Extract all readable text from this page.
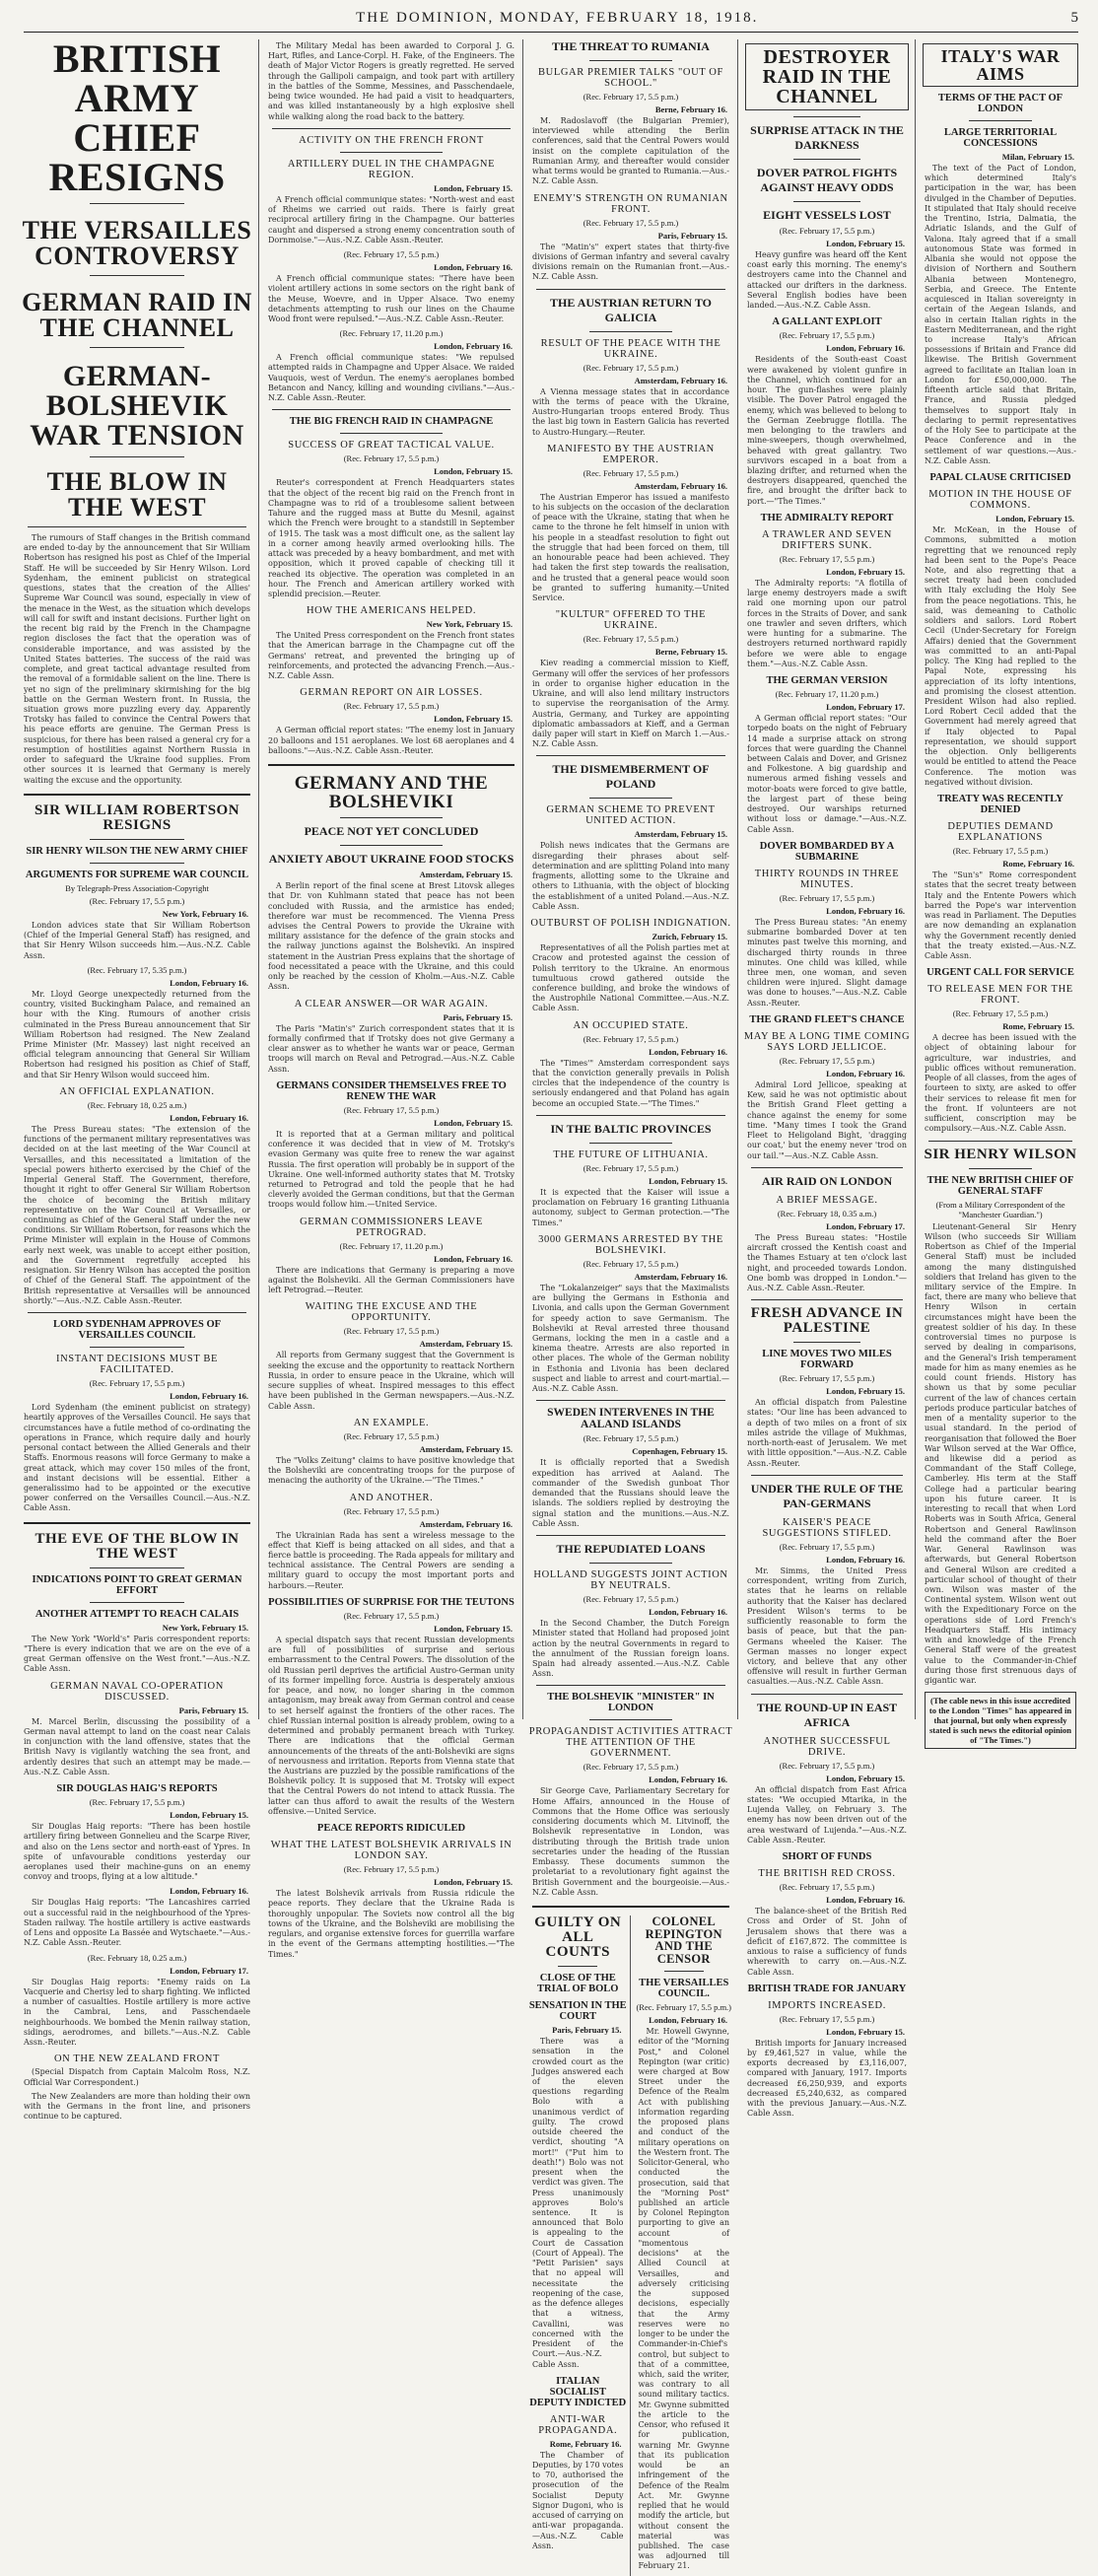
THE DOMINION, MONDAY, FEBRUARY 18, 1918.	5
BRITISH ARMY CHIEF RESIGNS
THE VERSAILLES CONTROVERSY
GERMAN RAID IN THE CHANNEL
GERMAN-BOLSHEVIK WAR TENSION
THE BLOW IN THE WEST

The rumours of Staff changes in the British command are ended to-day by the announcement that Sir William Robertson has resigned his post as Chief of the Imperial Staff. He will be succeeded by Sir Henry Wilson. Lord Sydenham, the eminent publicist on strategical questions, states that the creation of the Allies' Supreme War Council was sound, especially in view of the menace in the West, as the situation which develops will call for swift and instant decisions. Further light on the recent big raid by the French in the Champagne region discloses the fact that the operation was of considerable importance, and was assisted by the United States batteries. The success of the raid was complete, and great tactical advantage resulted from the removal of a formidable salient on the line. There is yet no sign of the preliminary skirmishing for the big battle on the German Western front. In Russia, the situation grows more puzzling every day. Apparently Trotsky has failed to convince the Central Powers that his peace efforts are genuine. The German Press is suspicious, for there has been raised a general cry for a resumption of hostilities against Northern Russia in order to safeguard the Ukraine food supplies. From other sources it is learned that Germany is merely waiting the excuse and the opportunity.

SIR WILLIAM ROBERTSON RESIGNS
SIR HENRY WILSON THE NEW ARMY CHIEF
ARGUMENTS FOR SUPREME WAR COUNCIL
By Telegraph-Press Association-Copyright
(Rec. February 17, 5.5 p.m.)
New York, February 16.

London advices state that Sir William Robertson (Chief of the Imperial General Staff) has resigned, and that Sir Henry Wilson succeeds him.—Aus.-N.Z. Cable Assn.

(Rec. February 17, 5.35 p.m.)
London, February 16.

Mr. Lloyd George unexpectedly returned from the country, visited Buckingham Palace, and remained an hour with the King. Rumours of another crisis culminated in the Press Bureau announcement that Sir William Robertson had resigned. The New Zealand Prime Minister (Mr. Massey) last night received an official telegram announcing that General Sir William Robertson had resigned his position as Chief of Staff, and that Sir Henry Wilson would succeed him.

AN OFFICIAL EXPLANATION.
(Rec. February 18, 0.25 a.m.)
London, February 16.

The Press Bureau states: "The extension of the functions of the permanent military representatives was decided on at the last meeting of the War Council at Versailles, and this necessitated a limitation of the special powers hitherto exercised by the Chief of the Imperial General Staff. The Government, therefore, thought it right to offer General Sir William Robertson the choice of becoming the British military representative on the War Council at Versailles, or continuing as Chief of the General Staff under the new conditions. Sir William Robertson, for reasons which the Prime Minister will explain in the House of Commons early next week, was unable to accept either position, and the Government regretfully accepted his resignation. Sir Henry Wilson has accepted the position of Chief of the General Staff. The appointment of the British representative at Versailles will be announced shortly."—Aus.-N.Z. Cable Assn.-Reuter.

LORD SYDENHAM APPROVES OF VERSAILLES COUNCIL
INSTANT DECISIONS MUST BE FACILITATED.
(Rec. February 17, 5.5 p.m.)
London, February 16.

Lord Sydenham (the eminent publicist on strategy) heartily approves of the Versailles Council. He says that circumstances have a futile method of co-ordinating the operations in France, which require daily and hourly personal contact between the Allied Generals and their Staffs. Enormous reasons will force Germany to make a great attack, which may cover 150 miles of the front, and instant decisions will be essential. Either a generalissimo had to be appointed or the executive power conferred on the Versailles Council.—Aus.-N.Z. Cable Assn.

THE EVE OF THE BLOW IN THE WEST
INDICATIONS POINT TO GREAT GERMAN EFFORT
ANOTHER ATTEMPT TO REACH CALAIS
New York, February 15.

The New York "World's" Paris correspondent reports: "There is every indication that we are on the eve of a great German offensive on the West front."—Aus.-N.Z. Cable Assn.

GERMAN NAVAL CO-OPERATION DISCUSSED.
Paris, February 15.

M. Marcel Berlin, discussing the possibility of a German naval attempt to land on the coast near Calais in conjunction with the land offensive, states that the British Navy is vigilantly watching the sea front, and ardently desires that such an attempt may be made.—Aus.-N.Z. Cable Assn.

SIR DOUGLAS HAIG'S REPORTS
(Rec. February 17, 5.5 p.m.)
London, February 15.

Sir Douglas Haig reports: "There has been hostile artillery firing between Gonnelieu and the Scarpe River, and also on the Lens sector and north-east of Ypres. In spite of unfavourable conditions yesterday our aeroplanes used their machine-guns on an enemy convoy and troops, flying at a low altitude."

London, February 16.

Sir Douglas Haig reports: "The Lancashires carried out a successful raid in the neighbourhood of the Ypres-Staden railway. The hostile artillery is active eastwards of Lens and opposite La Bassée and Wytschaete."—Aus.-N.Z. Cable Assn.-Reuter.

(Rec. February 18, 0.25 a.m.)
London, February 17.

Sir Douglas Haig reports: "Enemy raids on La Vacquerie and Cherisy led to sharp fighting. We inflicted a number of casualties. Hostile artillery is more active in the Cambrai, Lens, and Passchendaele neighbourhoods. We bombed the Menin railway station, sidings, aerodromes, and billets."—Aus.-N.Z. Cable Assn.-Reuter.

ON THE NEW ZEALAND FRONT

(Special Dispatch from Captain Malcolm Ross, N.Z. Official War Correspondent.)

The New Zealanders are more than holding their own with the Germans in the front line, and prisoners continue to be captured.

The Military Medal has been awarded to Corporal J. G. Hart, Rifles, and Lance-Corpl. H. Fake, of the Engineers. The death of Major Victor Rogers is greatly regretted. He served through the Gallipoli campaign, and took part with artillery in the battles of the Somme, Messines, and Passchendaele, being twice wounded. He had paid a visit to headquarters, and was killed instantaneously by a high explosive shell while walking along the road back to the battery.

ACTIVITY ON THE FRENCH FRONT
ARTILLERY DUEL IN THE CHAMPAGNE REGION.
London, February 15.

A French official communique states: "North-west and east of Rheims we carried out raids. There is fairly great reciprocal artillery firing in the Champagne. Our batteries caught and dispersed a strong enemy concentration south of Dornmoise."—Aus.-N.Z. Cable Assn.-Reuter.

(Rec. February 17, 5.5 p.m.)
London, February 16.

A French official communique states: "There have been violent artillery actions in some sectors on the right bank of the Meuse, Woevre, and in Upper Alsace. Two enemy detachments attempting to rush our lines on the Chaume Wood front were repulsed."—Aus.-N.Z. Cable Assn.-Reuter.

(Rec. February 17, 11.20 p.m.)
London, February 16.

A French official communique states: "We repulsed attempted raids in Champagne and Upper Alsace. We raided Vauquois, west of Verdun. The enemy's aeroplanes bombed Betancon and Nancy, killing and wounding civilians."—Aus.-N.Z. Cable Assn.-Reuter.

THE BIG FRENCH RAID IN CHAMPAGNE
SUCCESS OF GREAT TACTICAL VALUE.
(Rec. February 17, 5.5 p.m.)
London, February 15.

Reuter's correspondent at French Headquarters states that the object of the recent big raid on the French front in Champagne was to rid of a troublesome salient between Tahure and the rugged mass at Butte du Mesnil, against which the French were brought to a standstill in September of 1915. The task was a most difficult one, as the salient lay in a corner among heavily armed overlooking hills. The attack was preceded by a heavy bombardment, and met with opposition, which it proved capable of checking till it reached its objective. The operation was completed in an hour. The French and American artillery worked with splendid precision.—Reuter.

HOW THE AMERICANS HELPED.
New York, February 15.

The United Press correspondent on the French front states that the American barrage in the Champagne cut off the Germans' retreat, and prevented the bringing up of reinforcements, and protected the advancing French.—Aus.-N.Z. Cable Assn.

GERMAN REPORT ON AIR LOSSES.
(Rec. February 17, 5.5 p.m.)
London, February 15.

A German official report states: "The enemy lost in January 20 balloons and 151 aeroplanes. We lost 68 aeroplanes and 4 balloons."—Aus.-N.Z. Cable Assn.-Reuter.

GERMANY AND THE BOLSHEVIKI
PEACE NOT YET CONCLUDED
ANXIETY ABOUT UKRAINE FOOD STOCKS
Amsterdam, February 15.

A Berlin report of the final scene at Brest Litovsk alleges that Dr. von Kuhlmann stated that peace has not been concluded with Russia, and the armistice has ended; therefore war must be recommenced. The Vienna Press advises the Central Powers to provide the Ukraine with military assistance for the defence of the grain stocks and the railway junctions against the Bolsheviki. An inspired statement in the Austrian Press explains that the shortage of food necessitated a peace with the Ukraine, and this could only be reached by the cession of Kholm.—Aus.-N.Z. Cable Assn.

A CLEAR ANSWER—OR WAR AGAIN.
Paris, February 15.

The Paris "Matin's" Zurich correspondent states that it is formally confirmed that if Trotsky does not give Germany a clear answer as to whether he wants war or peace, German troops will march on Reval and Petrograd.—Aus.-N.Z. Cable Assn.

GERMANS CONSIDER THEMSELVES FREE TO RENEW THE WAR
(Rec. February 17, 5.5 p.m.)
London, February 15.

It is reported that at a German military and political conference it was decided that in view of M. Trotsky's evasion Germany was quite free to renew the war against Russia. The first operation will probably be in support of the Ukraine. One well-informed authority states that M. Trotsky returned to Petrograd and told the people that he had cleverly avoided the German conditions, but that the German troops would follow him.—United Service.

GERMAN COMMISSIONERS LEAVE PETROGRAD.
(Rec. February 17, 11.20 p.m.)
London, February 16.

There are indications that Germany is preparing a move against the Bolsheviki. All the German Commissioners have left Petrograd.—Reuter.

WAITING THE EXCUSE AND THE OPPORTUNITY.
(Rec. February 17, 5.5 p.m.)
Amsterdam, February 15.

All reports from Germany suggest that the Government is seeking the excuse and the opportunity to reattack Northern Russia, in order to ensure peace in the Ukraine, which will secure supplies of wheat. Inspired messages to this effect have been published in the German newspapers.—Aus.-N.Z. Cable Assn.

AN EXAMPLE.
(Rec. February 17, 5.5 p.m.)
Amsterdam, February 15.

The "Volks Zeitung" claims to have positive knowledge that the Bolsheviki are concentrating troops for the purpose of menacing the authority of the Ukraine.—"The Times."

AND ANOTHER.
(Rec. February 17, 5.5 p.m.)
Amsterdam, February 16.

The Ukrainian Rada has sent a wireless message to the effect that Kieff is being attacked on all sides, and that a fierce battle is proceeding. The Rada appeals for military and technical assistance. The Central Powers are sending a military guard to occupy the most important ports and harbours.—Reuter.

POSSIBILITIES OF SURPRISE FOR THE TEUTONS
(Rec. February 17, 5.5 p.m.)
London, February 15.

A special dispatch says that recent Russian developments are full of possibilities of surprise and serious embarrassment to the Central Powers. The dissolution of the old Russian peril deprives the artificial Austro-German unity of its former impelling force. Austria is desperately anxious for peace, and now, no longer sharing in the common antagonism, may break away from German control and cease to set herself against the frontiers of the other races. The chief Russian internal position is already problem, owing to a determined and probably permanent breach with Turkey. There are indications that the official German announcements of the threats of the anti-Bolsheviki are signs of nervousness and irritation. Reports from Vienna state that the Austrians are puzzled by the possible ramifications of the Bolshevik policy. It is supposed that M. Trotsky will expect that the Central Powers do not intend to attack Russia. The latter can thus afford to await the results of the Western offensive.—United Service.

PEACE REPORTS RIDICULED
WHAT THE LATEST BOLSHEVIK ARRIVALS IN LONDON SAY.
(Rec. February 17, 5.5 p.m.)
London, February 15.

The latest Bolshevik arrivals from Russia ridicule the peace reports. They declare that the Ukraine Rada is thoroughly unpopular. The Soviets now control all the big towns of the Ukraine, and the Bolsheviki are mobilising the regulars, and organise extensive forces for guerrilla warfare in the event of the Germans attempting hostilities.—"The Times."

THE THREAT TO RUMANIA
BULGAR PREMIER TALKS "OUT OF SCHOOL."
(Rec. February 17, 5.5 p.m.)
Berne, February 16.

M. Radoslavoff (the Bulgarian Premier), interviewed while attending the Berlin conferences, said that the Central Powers would insist on the complete capitulation of the Rumanian Army, and thereafter would consider what terms would be granted to Rumania.—Aus.-N.Z. Cable Assn.

ENEMY'S STRENGTH ON RUMANIAN FRONT.
(Rec. February 17, 5.5 p.m.)
Paris, February 15.

The "Matin's" expert states that thirty-five divisions of German infantry and several cavalry divisions remain on the Rumanian front.—Aus.-N.Z. Cable Assn.

THE AUSTRIAN RETURN TO GALICIA
RESULT OF THE PEACE WITH THE UKRAINE.
(Rec. February 17, 5.5 p.m.)
Amsterdam, February 16.

A Vienna message states that in accordance with the terms of peace with the Ukraine, Austro-Hungarian troops entered Brody. Thus the last big town in Eastern Galicia has reverted to Austro-Hungary.—Reuter.

MANIFESTO BY THE AUSTRIAN EMPEROR.
(Rec. February 17, 5.5 p.m.)
Amsterdam, February 16.

The Austrian Emperor has issued a manifesto to his subjects on the occasion of the declaration of peace with the Ukraine, stating that when he came to the throne he felt himself in union with his people in a steadfast resolution to fight out the struggle that had been forced on them, till an honourable peace had been achieved. They had taken the first step towards the realisation, and he trusted that a general peace would soon be granted to suffering humanity.—United Service.

"KULTUR" OFFERED TO THE UKRAINE.
(Rec. February 17, 5.5 p.m.)
Berne, February 15.

Kiev reading a commercial mission to Kieff, Germany will offer the services of her professors in order to organise higher education in the Ukraine, and will also lend military instructors to supervise the reorganisation of the Army. Austria, Germany, and Turkey are appointing diplomatic ambassadors at Kieff, and a German daily paper will start in Kieff on March 1.—Aus.-N.Z. Cable Assn.

THE DISMEMBERMENT OF POLAND
GERMAN SCHEME TO PREVENT UNITED ACTION.
Amsterdam, February 15.

Polish news indicates that the Germans are disregarding their phrases about self-determination and are splitting Poland into many fragments, allotting some to the Ukraine and others to Lithuania, with the object of blocking the establishment of a united Poland.—Aus.-N.Z. Cable Assn.

OUTBURST OF POLISH INDIGNATION.
Zurich, February 15.

Representatives of all the Polish parties met at Cracow and protested against the cession of Polish territory to the Ukraine. An enormous tumultuous crowd gathered outside the conference building, and broke the windows of the Austrophile National Committee.—Aus.-N.Z. Cable Assn.

AN OCCUPIED STATE.
(Rec. February 17, 5.5 p.m.)
London, February 16.

The "Times'" Amsterdam correspondent says that the conviction generally prevails in Polish circles that the independence of the country is seriously endangered and that Poland has again become an occupied State.—"The Times."

IN THE BALTIC PROVINCES
THE FUTURE OF LITHUANIA.
(Rec. February 17, 5.5 p.m.)
London, February 15.

It is expected that the Kaiser will issue a proclamation on February 16 granting Lithuania autonomy, subject to German protection.—"The Times."

3000 GERMANS ARRESTED BY THE BOLSHEVIKI.
(Rec. February 17, 5.5 p.m.)
Amsterdam, February 16.

The "Lokalanzeiger" says that the Maximalists are bullying the Germans in Esthonia and Livonia, and calls upon the German Government for speedy action to save Germanism. The Bolsheviki at Reval arrested three thousand Germans, locking the men in a castle and a kinema theatre. Arrests are also reported in other places. The whole of the German nobility in Esthonia and Livonia has been declared suspect and liable to arrest and court-martial.—Aus.-N.Z. Cable Assn.

SWEDEN INTERVENES IN THE AALAND ISLANDS
(Rec. February 17, 5.5 p.m.)
Copenhagen, February 15.

It is officially reported that a Swedish expedition has arrived at Aaland. The commander of the Swedish gunboat Thor demanded that the Russians should leave the islands. The soldiers replied by destroying the signal station and the munitions.—Aus.-N.Z. Cable Assn.

THE REPUDIATED LOANS
HOLLAND SUGGESTS JOINT ACTION BY NEUTRALS.
(Rec. February 17, 5.5 p.m.)
London, February 16.

In the Second Chamber, the Dutch Foreign Minister stated that Holland had proposed joint action by the neutral Governments in regard to the annulment of the Russian foreign loans. Spain had already assented.—Aus.-N.Z. Cable Assn.

THE BOLSHEVIK "MINISTER" IN LONDON
PROPAGANDIST ACTIVITIES ATTRACT THE ATTENTION OF THE GOVERNMENT.
(Rec. February 17, 5.5 p.m.)
London, February 16.

Sir George Cave, Parliamentary Secretary for Home Affairs, announced in the House of Commons that the Home Office was seriously considering documents which M. Litvinoff, the Bolshevik representative in London, was distributing through the British trade union secretaries under the heading of the Russian Embassy. These documents summon the proletariat to a revolutionary fight against the British Government and the bourgeoisie.—Aus.-N.Z. Cable Assn.

GUILTY ON ALL COUNTS
CLOSE OF THE TRIAL OF BOLO
SENSATION IN THE COURT
Paris, February 15.

There was a sensation in the crowded court as the Judges answered each of the eleven questions regarding Bolo with a unanimous verdict of guilty. The crowd outside cheered the verdict, shouting "A mort!" ("Put him to death!") Bolo was not present when the verdict was given. The Press unanimously approves Bolo's sentence. It is announced that Bolo is appealing to the Court de Cassation (Court of Appeal). The "Petit Parisien" says that no appeal will necessitate the reopening of the case, as the defence alleges that a witness, Cavallini, was concerned with the President of the Court.—Aus.-N.Z. Cable Assn.

ITALIAN SOCIALIST DEPUTY INDICTED
ANTI-WAR PROPAGANDA.
Rome, February 16.

The Chamber of Deputies, by 170 votes to 70, authorised the prosecution of the Socialist Deputy Signor Dugoni, who is accused of carrying on anti-war propaganda.—Aus.-N.Z. Cable Assn.

COLONEL REPINGTON AND THE CENSOR
THE VERSAILLES COUNCIL.
(Rec. February 17, 5.5 p.m.)
London, February 16.

Mr. Howell Gwynne, editor of the "Morning Post," and Colonel Repington (war critic) were charged at Bow Street under the Defence of the Realm Act with publishing information regarding the proposed plans and conduct of the military operations on the Western front. The Solicitor-General, who conducted the prosecution, said that the "Morning Post" published an article by Colonel Repington purporting to give an account of "momentous decisions" at the Allied Council at Versailles, and adversely criticising the supposed decisions, especially that the Army reserves were no longer to be under the Commander-in-Chief's control, but subject to that of a committee, which, said the writer, was contrary to all sound military tactics. Mr. Gwynne submitted the article to the Censor, who refused it for publication, warning Mr. Gwynne that its publication would be an infringement of the Defence of the Realm Act. Mr. Gwynne replied that he would modify the article, but without consent the material was published. The case was adjourned till February 21.

DESTROYER RAID IN THE CHANNEL
SURPRISE ATTACK IN THE DARKNESS
DOVER PATROL FIGHTS AGAINST HEAVY ODDS
EIGHT VESSELS LOST
(Rec. February 17, 5.5 p.m.)
London, February 15.

Heavy gunfire was heard off the Kent coast early this morning. The enemy's destroyers came into the Channel and attacked our drifters in the darkness. Several English bodies have been landed.—Aus.-N.Z. Cable Assn.

A GALLANT EXPLOIT
(Rec. February 17, 5.5 p.m.)
London, February 16.

Residents of the South-east Coast were awakened by violent gunfire in the Channel, which continued for an hour. The gun-flashes were plainly visible. The Dover Patrol engaged the enemy, which was believed to belong to the German Zeebrugge flotilla. The men belonging to the trawlers and mine-sweepers, though overwhelmed, behaved with great gallantry. Two survivors escaped in a boat from a blazing drifter, and returned when the destroyers disappeared, quenched the fire, and brought the drifter back to port.—"The Times."

THE ADMIRALTY REPORT
A TRAWLER AND SEVEN DRIFTERS SUNK.
(Rec. February 17, 5.5 p.m.)
London, February 15.

The Admiralty reports: "A flotilla of large enemy destroyers made a swift raid one morning upon our patrol forces in the Straits of Dover, and sank one trawler and seven drifters, which were hunting for a submarine. The destroyers returned northward rapidly before we were able to engage them."—Aus.-N.Z. Cable Assn.

THE GERMAN VERSION
(Rec. February 17, 11.20 p.m.)
London, February 17.

A German official report states: "Our torpedo boats on the night of February 14 made a surprise attack on strong forces that were guarding the Channel between Calais and Dover, and Grisnez and Folkestone. A big guardship and numerous armed fishing vessels and motor-boats were forced to give battle, the largest part of these being destroyed. Our warships returned without loss or damage."—Aus.-N.Z. Cable Assn.

DOVER BOMBARDED BY A SUBMARINE
THIRTY ROUNDS IN THREE MINUTES.
(Rec. February 17, 5.5 p.m.)
London, February 16.

The Press Bureau states: "An enemy submarine bombarded Dover at ten minutes past twelve this morning, and discharged thirty rounds in three minutes. One child was killed, while three men, one woman, and seven children were injured. Slight damage was done to houses."—Aus.-N.Z. Cable Assn.-Reuter.

THE GRAND FLEET'S CHANCE
MAY BE A LONG TIME COMING SAYS LORD JELLICOE.
(Rec. February 17, 5.5 p.m.)
London, February 16.

Admiral Lord Jellicoe, speaking at Kew, said he was not optimistic about the British Grand Fleet getting a chance against the enemy for some time. "Many times I took the Grand Fleet to Heligoland Bight, 'dragging our coat,' but the enemy never 'trod on our tail.'"—Aus.-N.Z. Cable Assn.

AIR RAID ON LONDON
A BRIEF MESSAGE.
(Rec. February 18, 0.35 a.m.)
London, February 17.

The Press Bureau states: "Hostile aircraft crossed the Kentish coast and the Thames Estuary at ten o'clock last night, and proceeded towards London. One bomb was dropped in London."—Aus.-N.Z. Cable Assn.-Reuter.

FRESH ADVANCE IN PALESTINE
LINE MOVES TWO MILES FORWARD
(Rec. February 17, 5.5 p.m.)
London, February 15.

An official dispatch from Palestine states: "Our line has been advanced to a depth of two miles on a front of six miles astride the village of Mukhmas, north-north-east of Jerusalem. We met with little opposition."—Aus.-N.Z. Cable Assn.-Reuter.

UNDER THE RULE OF THE PAN-GERMANS
KAISER'S PEACE SUGGESTIONS STIFLED.
(Rec. February 17, 5.5 p.m.)
London, February 16.

Mr. Simms, the United Press correspondent, writing from Zurich, states that he learns on reliable authority that the Kaiser has declared President Wilson's terms to be sufficiently reasonable to form the basis of peace, but that the pan-Germans wheeled the Kaiser. The German masses no longer expect victory, and believe that any other offensive will result in further German casualties.—Aus.-N.Z. Cable Assn.

THE ROUND-UP IN EAST AFRICA
ANOTHER SUCCESSFUL DRIVE.
(Rec. February 17, 5.5 p.m.)
London, February 15.

An official dispatch from East Africa states: "We occupied Mtarika, in the Lujenda Valley, on February 3. The enemy has now been driven out of the area westward of Lujenda."—Aus.-N.Z. Cable Assn.-Reuter.

SHORT OF FUNDS
THE BRITISH RED CROSS.
(Rec. February 17, 5.5 p.m.)
London, February 16.

The balance-sheet of the British Red Cross and Order of St. John of Jerusalem shows that there was a deficit of £167,872. The committee is anxious to raise a sufficiency of funds wherewith to carry on.—Aus.-N.Z. Cable Assn.

BRITISH TRADE FOR JANUARY
IMPORTS INCREASED.
(Rec. February 17, 5.5 p.m.)
London, February 15.

British imports for January increased by £9,461,527 in value, while the exports decreased by £3,116,007, compared with January, 1917. Imports decreased £6,250,939, and exports decreased £5,240,632, as compared with the previous January.—Aus.-N.Z. Cable Assn.

ITALY'S WAR AIMS
TERMS OF THE PACT OF LONDON
LARGE TERRITORIAL CONCESSIONS
Milan, February 15.

The text of the Pact of London, which determined Italy's participation in the war, has been divulged in the Chamber of Deputies. It stipulated that Italy should receive the Trentino, Istria, Dalmatia, the Adriatic Islands, and the Gulf of Valona. Italy agreed that if a small autonomous State was formed in Albania she would not oppose the division of Northern and Southern Albania between Montenegro, Serbia, and Greece. The Entente acquiesced in Italian sovereignty in certain of the Aegean Islands, and also in certain Italian rights in the Eastern Mediterranean, and the right to increase Italy's African possessions if Britain and France did likewise. The British Government agreed to facilitate an Italian loan in London for £50,000,000. The fifteenth article said that Britain, France, and Russia pledged themselves to support Italy in declaring to permit representatives of the Holy See to participate at the Peace Conference and in the settlement of war questions.—Aus.-N.Z. Cable Assn.

PAPAL CLAUSE CRITICISED
MOTION IN THE HOUSE OF COMMONS.
London, February 15.

Mr. McKean, in the House of Commons, submitted a motion regretting that we renounced reply had been sent to the Pope's Peace Note, and also regretting that a secret treaty had been concluded with Italy excluding the Holy See from the peace negotiations. This, he said, was demeaning to Catholic soldiers and sailors. Lord Robert Cecil (Under-Secretary for Foreign Affairs) denied that the Government was committed to an anti-Papal policy. The King had replied to the Papal Note, expressing his appreciation of its lofty intentions, and promising the closest attention. President Wilson had also replied. Lord Robert Cecil added that the Government had merely agreed that if Italy objected to Papal representation, we should support the objection. Only belligerents would be entitled to attend the Peace Conference. The motion was negatived without division.

TREATY WAS RECENTLY DENIED
DEPUTIES DEMAND EXPLANATIONS
(Rec. February 17, 5.5 p.m.)
Rome, February 16.

The "Sun's" Rome correspondent states that the secret treaty between Italy and the Entente Powers which barred the Pope's war intervention was read in Parliament. The Deputies are now demanding an explanation why the Government recently denied that the treaty existed.—Aus.-N.Z. Cable Assn.

URGENT CALL FOR SERVICE
TO RELEASE MEN FOR THE FRONT.
(Rec. February 17, 5.5 p.m.)
Rome, February 15.

A decree has been issued with the object of obtaining labour for agriculture, war industries, and public offices without remuneration. People of all classes, from the ages of fourteen to sixty, are asked to offer their services to release fit men for the front. If volunteers are not sufficient, conscription may be compulsory.—Aus.-N.Z. Cable Assn.

SIR HENRY WILSON
THE NEW BRITISH CHIEF OF GENERAL STAFF
(From a Military Correspondent of the "Manchester Guardian.")

Lieutenant-General Sir Henry Wilson (who succeeds Sir William Robertson as Chief of the Imperial General Staff) must be included among the many distinguished soldiers that Ireland has given to the military service of the Empire. In fact, there are many who believe that Henry Wilson in certain circumstances might have been the greatest soldier of his day. In these controversial times no purpose is served by dealing in comparisons, and the General's Irish temperament made for him as many enemies as he could count friends. History has shown us that by some peculiar current of the law of chances certain periods produce particular batches of men of a mentality superior to the usual standard. In the period of reorganisation that followed the Boer War Wilson served at the War Office, and likewise did a period as Commandant of the Staff College, Camberley. His term at the Staff College had a particular bearing upon his future career. It is interesting to recall that when Lord Roberts was in South Africa, General Robertson and General Rawlinson held the command after the Boer War. General Rawlinson was afterwards, but General Robertson and General Wilson are credited a particular school of thought of their own. Wilson was master of the Continental system. Wilson went out with the Expeditionary Force on the operations side of Lord French's Headquarters Staff. His intimacy with and knowledge of the French General Staff were of the greatest value to the Commander-in-Chief during those first strenuous days of gigantic war.

(The cable news in this issue accredited to the London "Times" has appeared in that journal, but only when expressly stated is such news the editorial opinion of "The Times.")
